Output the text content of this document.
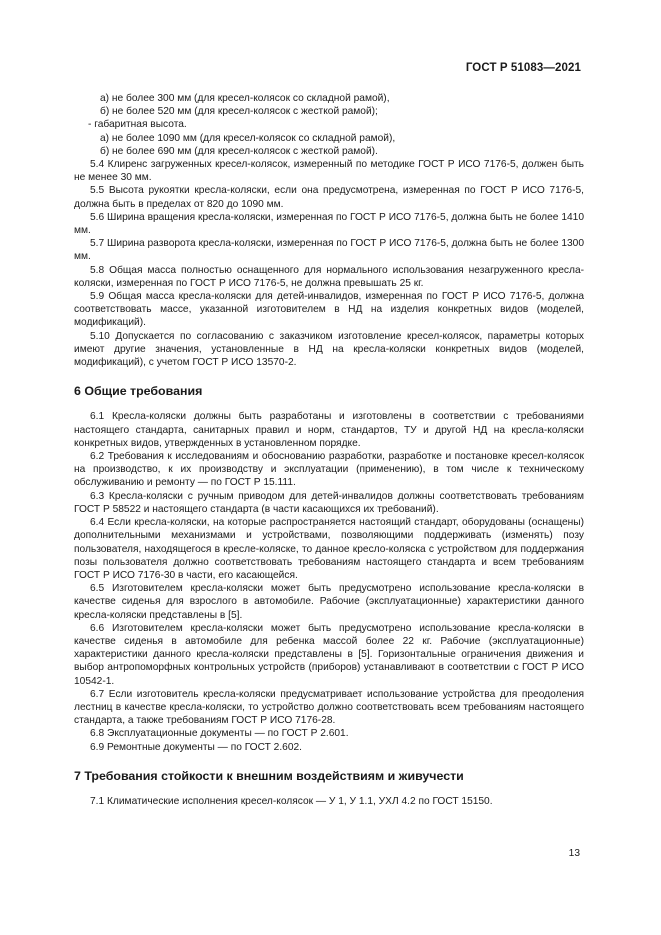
ГОСТ Р 51083—2021
а) не более 300 мм (для кресел-колясок со складной рамой),
б) не более 520 мм (для кресел-колясок с жесткой рамой);
- габаритная высота.
а) не более 1090 мм (для кресел-колясок со складной рамой),
б) не более 690 мм (для кресел-колясок с жесткой рамой).

5.4 Клиренс загруженных кресел-колясок, измеренный по методике ГОСТ Р ИСО 7176-5, должен быть не менее 30 мм.

5.5 Высота рукоятки кресла-коляски, если она предусмотрена, измеренная по ГОСТ Р ИСО 7176-5, должна быть в пределах от 820 до 1090 мм.

5.6 Ширина вращения кресла-коляски, измеренная по ГОСТ Р ИСО 7176-5, должна быть не более 1410 мм.

5.7 Ширина разворота кресла-коляски, измеренная по ГОСТ Р ИСО 7176-5, должна быть не более 1300 мм.

5.8 Общая масса полностью оснащенного для нормального использования незагруженного кресла-коляски, измеренная по ГОСТ Р ИСО 7176-5, не должна превышать 25 кг.

5.9 Общая масса кресла-коляски для детей-инвалидов, измеренная по ГОСТ Р ИСО 7176-5, должна соответствовать массе, указанной изготовителем в НД на изделия конкретных видов (моделей, модификаций).

5.10 Допускается по согласованию с заказчиком изготовление кресел-колясок, параметры которых имеют другие значения, установленные в НД на кресла-коляски конкретных видов (моделей, модификаций), с учетом ГОСТ Р ИСО 13570-2.

6 Общие требования

6.1 Кресла-коляски должны быть разработаны и изготовлены в соответствии с требованиями настоящего стандарта, санитарных правил и норм, стандартов, ТУ и другой НД на кресла-коляски конкретных видов, утвержденных в установленном порядке.

6.2 Требования к исследованиям и обоснованию разработки, разработке и постановке кресел-колясок на производство, к их производству и эксплуатации (применению), в том числе к техническому обслуживанию и ремонту — по ГОСТ Р 15.111.

6.3 Кресла-коляски с ручным приводом для детей-инвалидов должны соответствовать требованиям ГОСТ Р 58522 и настоящего стандарта (в части касающихся их требований).

6.4 Если кресла-коляски, на которые распространяется настоящий стандарт, оборудованы (оснащены) дополнительными механизмами и устройствами, позволяющими поддерживать (изменять) позу пользователя, находящегося в кресле-коляске, то данное кресло-коляска с устройством для поддержания позы пользователя должно соответствовать требованиям настоящего стандарта и всем требованиям ГОСТ Р ИСО 7176-30 в части, его касающейся.

6.5 Изготовителем кресла-коляски может быть предусмотрено использование кресла-коляски в качестве сиденья для взрослого в автомобиле. Рабочие (эксплуатационные) характеристики данного кресла-коляски представлены в [5].

6.6 Изготовителем кресла-коляски может быть предусмотрено использование кресла-коляски в качестве сиденья в автомобиле для ребенка массой более 22 кг. Рабочие (эксплуатационные) характеристики данного кресла-коляски представлены в [5]. Горизонтальные ограничения движения и выбор антропоморфных контрольных устройств (приборов) устанавливают в соответствии с ГОСТ Р ИСО 10542-1.

6.7 Если изготовитель кресла-коляски предусматривает использование устройства для преодоления лестниц в качестве кресла-коляски, то устройство должно соответствовать всем требованиям настоящего стандарта, а также требованиям ГОСТ Р ИСО 7176-28.

6.8 Эксплуатационные документы — по ГОСТ Р 2.601.

6.9 Ремонтные документы — по ГОСТ 2.602.

7 Требования стойкости к внешним воздействиям и живучести

7.1 Климатические исполнения кресел-колясок — У 1, У 1.1, УХЛ 4.2 по ГОСТ 15150.

13
